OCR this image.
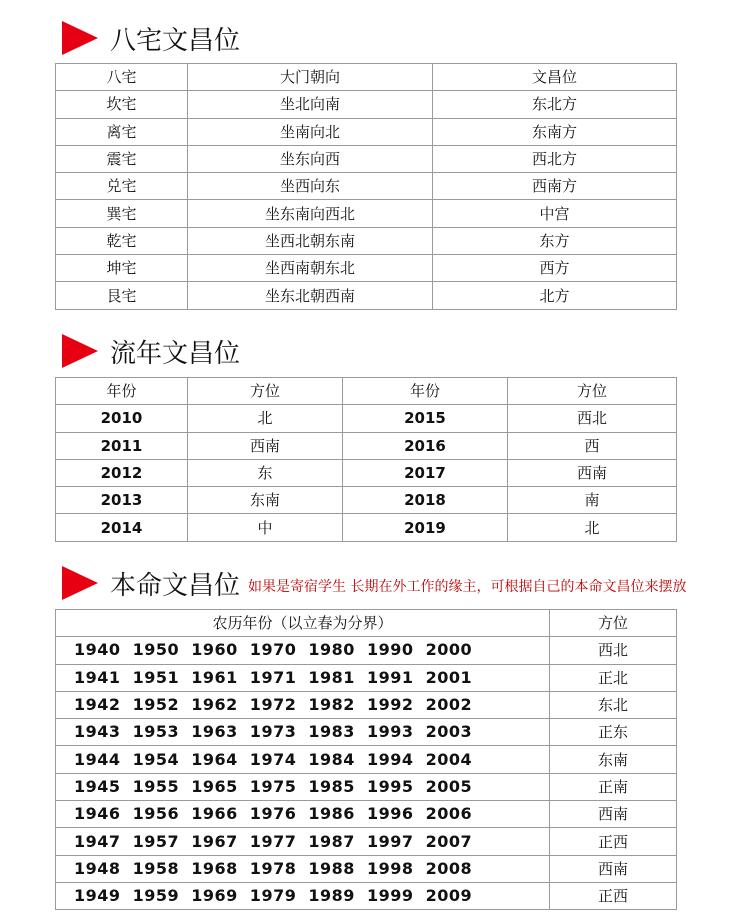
八宅文昌位
八宅	大门朝向	文昌位
坎宅	坐北向南	东北方
离宅	坐南向北	东南方
震宅	坐东向西	西北方
兑宅	坐西向东	西南方
巽宅	坐东南向西北	中宫
乾宅	坐西北朝东南	东方
坤宅	坐西南朝东北	西方
艮宅	坐东北朝西南	北方
流年文昌位
年份	方位	年份	方位
2010	北	2015	西北
2011	西南	2016	西
2012	东	2017	西南
2013	东南	2018	南
2014	中	2019	北
本命文昌位 如果是寄宿学生 长期在外工作的缘主，可根据自己的本命文昌位来摆放
农历年份（以立春为分界）	方位
1940 1950 1960 1970 1980 1990 2000	西北
1941 1951 1961 1971 1981 1991 2001	正北
1942 1952 1962 1972 1982 1992 2002	东北
1943 1953 1963 1973 1983 1993 2003	正东
1944 1954 1964 1974 1984 1994 2004	东南
1945 1955 1965 1975 1985 1995 2005	正南
1946 1956 1966 1976 1986 1996 2006	西南
1947 1957 1967 1977 1987 1997 2007	正西
1948 1958 1968 1978 1988 1998 2008	西南
1949 1959 1969 1979 1989 1999 2009	正西
